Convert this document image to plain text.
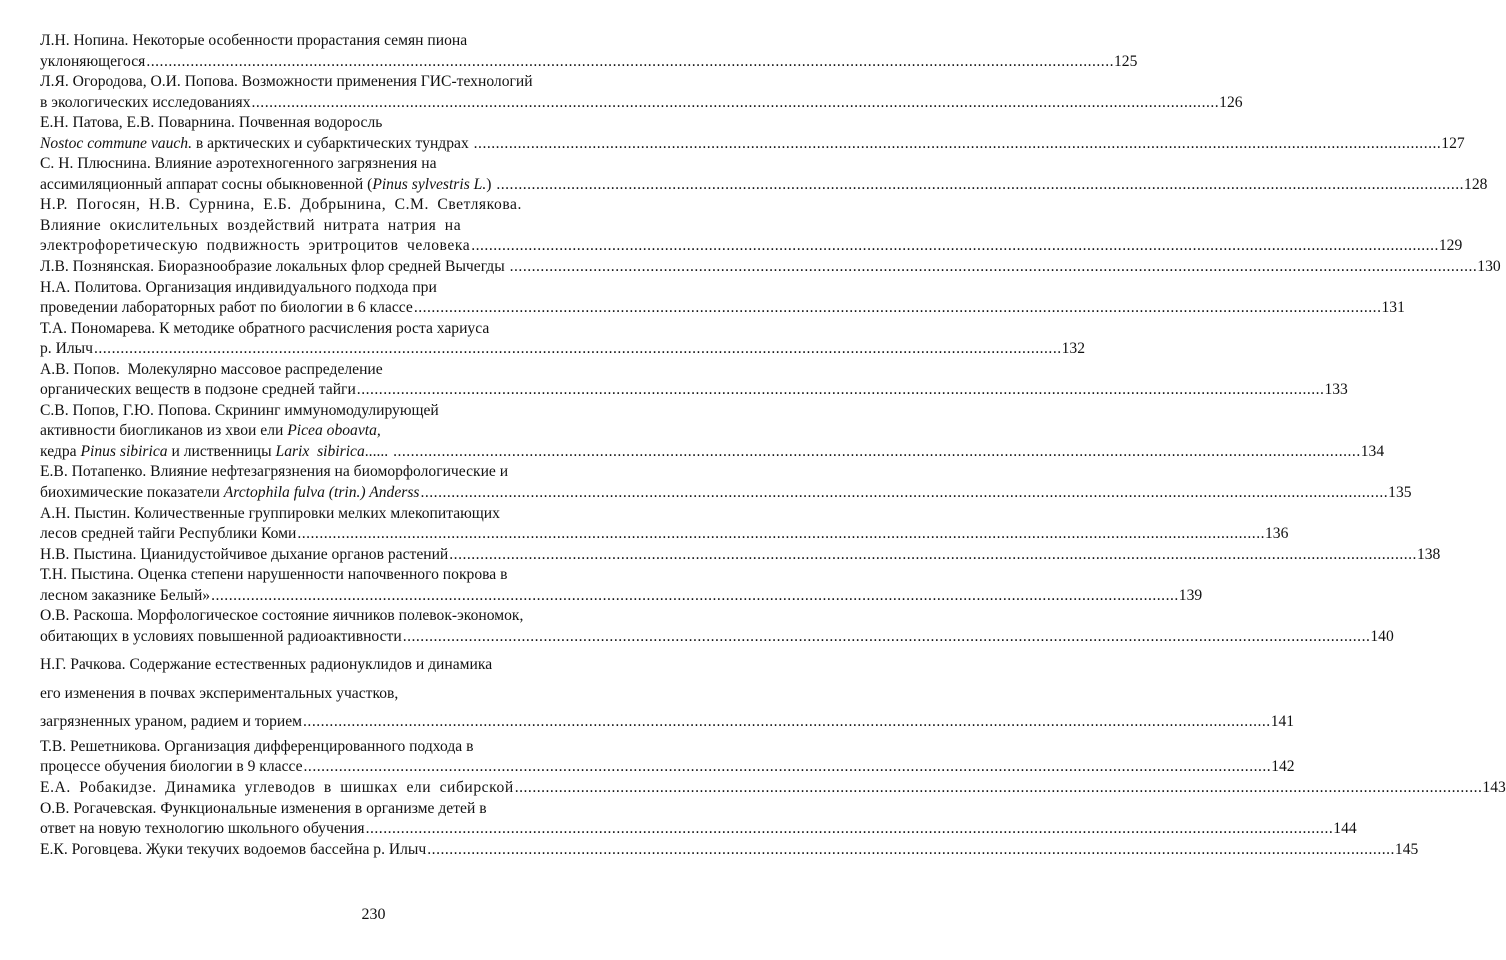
Л.Н. Нопина. Некоторые особенности прорастания семян пиона
уклоняющегося ............................................................................................................................................................................................................................ 125
Л.Я. Огородова, О.И. Попова. Возможности применения ГИС-технологий
в экологических исследованиях ............................................................................................................................................................................................................................ 126
Е.Н. Патова, Е.В. Поварнина. Почвенная водоросль
Nostoc commune vauch. в арктических и субарктических тундрах ............................................................................................................................................................................................................................ 127
С. Н. Плюснина. Влияние аэротехногенного загрязнения на
ассимиляционный аппарат сосны обыкновенной (Pinus sylvestris L.) ............................................................................................................................................................................................................................ 128
Н.Р. Погосян, Н.В. Сурнина, Е.Б. Добрынина, С.М. Светлякова.
Влияние окислительных воздействий нитрата натрия на
электрофоретическую подвижность эритроцитов человека ............................................................................................................................................................................................................................ 129
Л.В. Познянская. Биоразнообразие локальных флор средней Вычегды ............................................................................................................................................................................................................................ 130
Н.А. Политова. Организация индивидуального подхода при
проведении лабораторных работ по биологии в 6 классе ............................................................................................................................................................................................................................ 131
Т.А. Пономарева. К методике обратного расчисления роста хариуса
р. Илыч ............................................................................................................................................................................................................................ 132
А.В. Попов.  Молекулярно массовое распределение
органических веществ в подзоне средней тайги ............................................................................................................................................................................................................................ 133
С.В. Попов, Г.Ю. Попова. Скрининг иммуномодулирующей
активности биогликанов из хвои ели Picea oboavta,
кедра Pinus sibirica и лиственницы Larix  sibirica...... ............................................................................................................................................................................................................................ 134
Е.В. Потапенко. Влияние нефтезагрязнения на биоморфологические и
биохимические показатели Arctophila fulva (trin.) Anderss ............................................................................................................................................................................................................................ 135
А.Н. Пыстин. Количественные группировки мелких млекопитающих
лесов средней тайги Республики Коми ............................................................................................................................................................................................................................ 136
Н.В. Пыстина. Цианидустойчивое дыхание органов растений ............................................................................................................................................................................................................................ 138
Т.Н. Пыстина. Оценка степени нарушенности напочвенного покрова в
лесном заказнике Белый» ............................................................................................................................................................................................................................ 139
О.В. Раскоша. Морфологическое состояние яичников полевок-экономок,
обитающих в условиях повышенной радиоактивности ............................................................................................................................................................................................................................ 140
Н.Г. Рачкова. Содержание естественных радионуклидов и динамика
его изменения в почвах экспериментальных участков,
загрязненных ураном, радием и торием ............................................................................................................................................................................................................................ 141
Т.В. Решетникова. Организация дифференцированного подхода в
процессе обучения биологии в 9 классе ............................................................................................................................................................................................................................ 142
Е.А. Робакидзе. Динамика углеводов в шишках ели сибирской ............................................................................................................................................................................................................................ 143
О.В. Рогачевская. Функциональные изменения в организме детей в
ответ на новую технологию школьного обучения ............................................................................................................................................................................................................................ 144
Е.К. Роговцева. Жуки текучих водоемов бассейна р. Илыч ............................................................................................................................................................................................................................ 145
230
